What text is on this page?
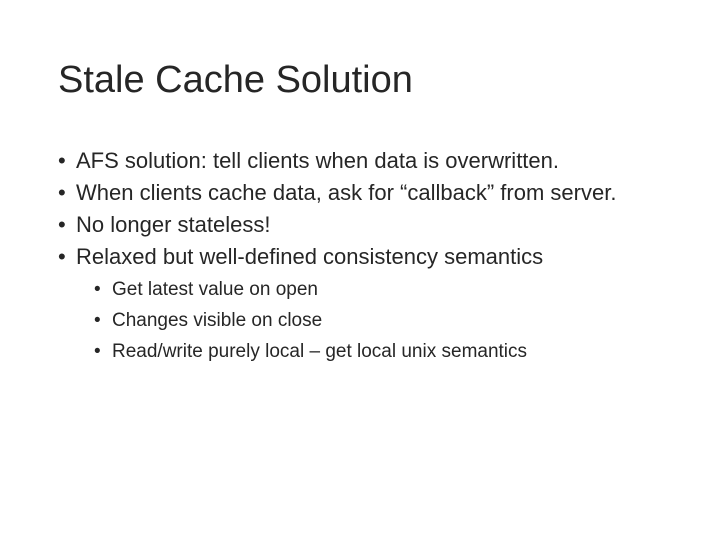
Stale Cache Solution
• AFS solution: tell clients when data is overwritten.
• When clients cache data, ask for “callback” from server.
• No longer stateless!
• Relaxed but well-defined consistency semantics
• Get latest value on open
• Changes visible on close
• Read/write purely local – get local unix semantics
